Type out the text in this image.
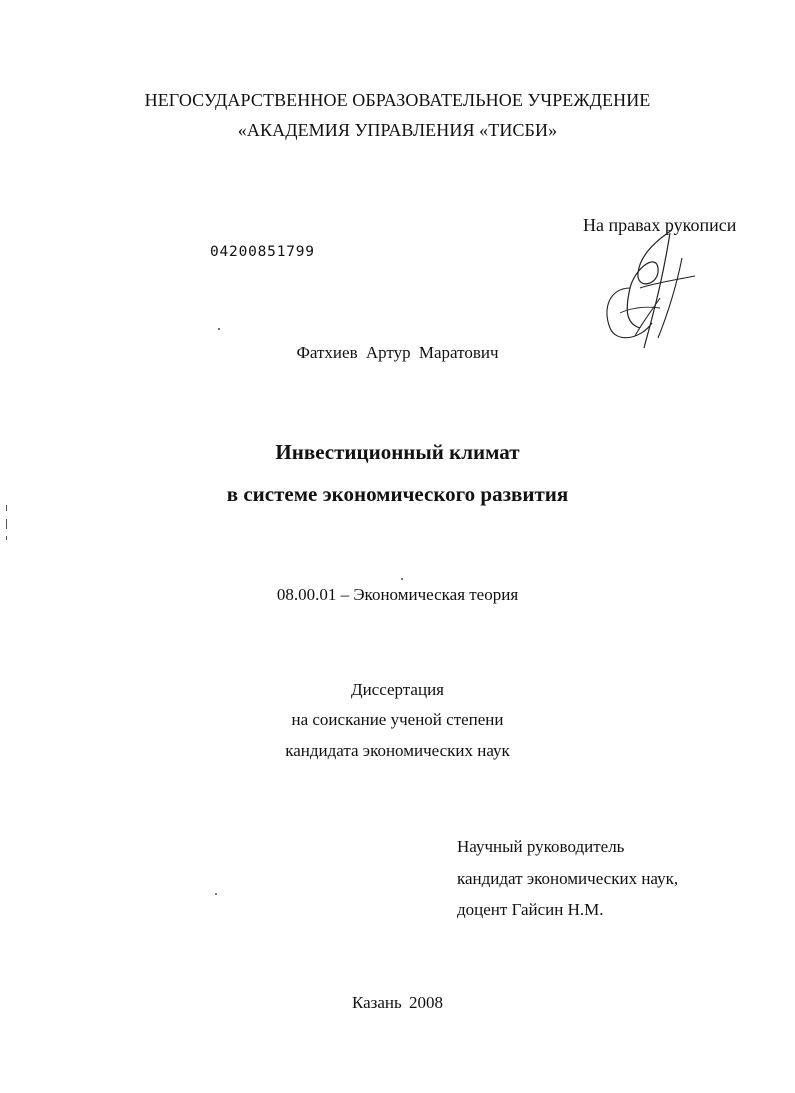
НЕГОСУДАРСТВЕННОЕ ОБРАЗОВАТЕЛЬНОЕ УЧРЕЖДЕНИЕ
«АКАДЕМИЯ УПРАВЛЕНИЯ «ТИСБИ»
На правах рукописи
04200851799
Фатхиев Артур Маратович
Инвестиционный климат
в системе экономического развития
08.00.01 – Экономическая теория
Диссертация
на соискание ученой степени
кандидата экономических наук
Научный руководитель
кандидат экономических наук,
доцент Гайсин Н.М.
Казань 2008
